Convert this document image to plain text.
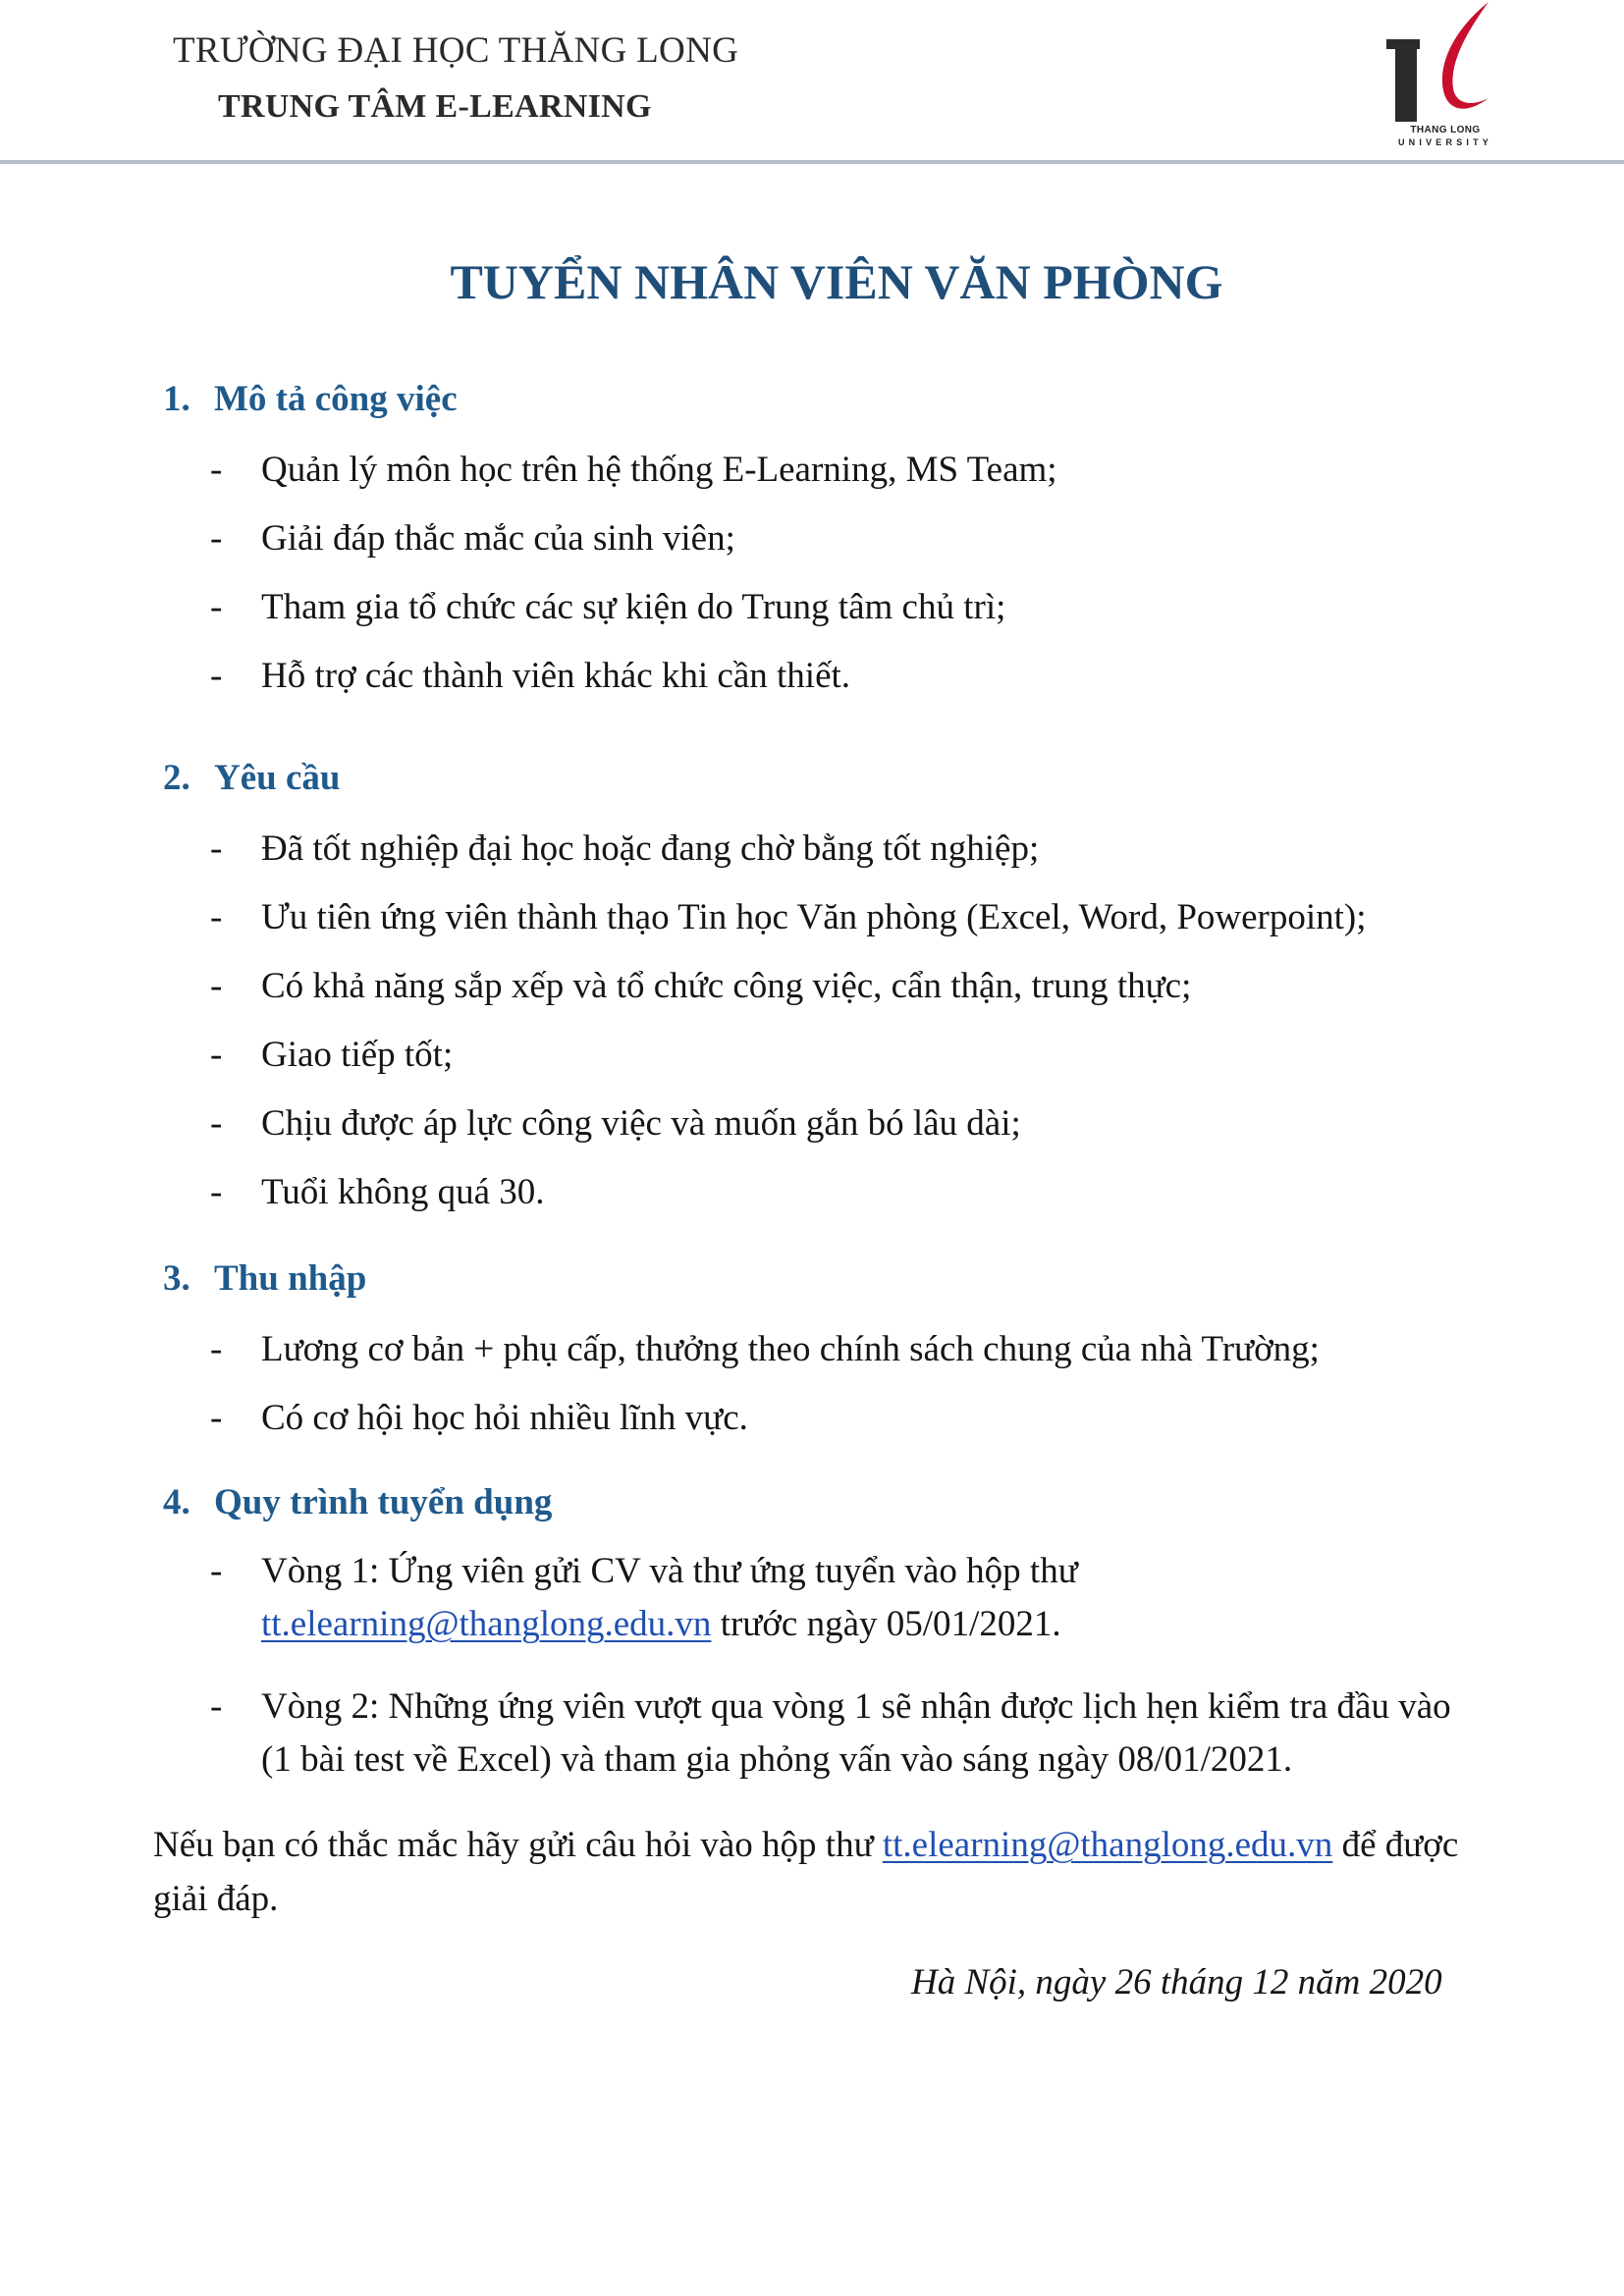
TRƯỜNG ĐẠI HỌC THĂNG LONG
TRUNG TÂM E-LEARNING
THANG LONG
UNIVERSITY
TUYỂN NHÂN VIÊN VĂN PHÒNG
1. Mô tả công việc
- Quản lý môn học trên hệ thống E-Learning, MS Team;
- Giải đáp thắc mắc của sinh viên;
- Tham gia tổ chức các sự kiện do Trung tâm chủ trì;
- Hỗ trợ các thành viên khác khi cần thiết.
2. Yêu cầu
- Đã tốt nghiệp đại học hoặc đang chờ bằng tốt nghiệp;
- Ưu tiên ứng viên thành thạo Tin học Văn phòng (Excel, Word, Powerpoint);
- Có khả năng sắp xếp và tổ chức công việc, cẩn thận, trung thực;
- Giao tiếp tốt;
- Chịu được áp lực công việc và muốn gắn bó lâu dài;
- Tuổi không quá 30.
3. Thu nhập
- Lương cơ bản + phụ cấp, thưởng theo chính sách chung của nhà Trường;
- Có cơ hội học hỏi nhiều lĩnh vực.
4. Quy trình tuyển dụng
- Vòng 1: Ứng viên gửi CV và thư ứng tuyển vào hộp thư
tt.elearning@thanglong.edu.vn trước ngày 05/01/2021.
- Vòng 2: Những ứng viên vượt qua vòng 1 sẽ nhận được lịch hẹn kiểm tra đầu vào
(1 bài test về Excel) và tham gia phỏng vấn vào sáng ngày 08/01/2021.
Nếu bạn có thắc mắc hãy gửi câu hỏi vào hộp thư tt.elearning@thanglong.edu.vn để được
giải đáp.
Hà Nội, ngày 26 tháng 12 năm 2020
